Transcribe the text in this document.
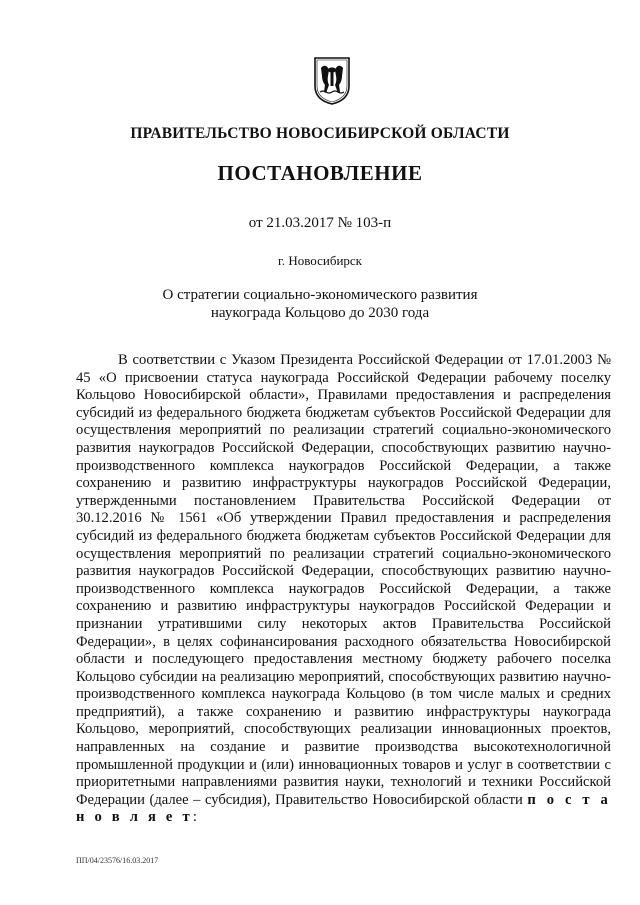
ПРАВИТЕЛЬСТВО НОВОСИБИРСКОЙ ОБЛАСТИ
ПОСТАНОВЛЕНИЕ
от 21.03.2017 № 103-п
г. Новосибирск
О стратегии социально-экономического развития
наукограда Кольцово до 2030 года

В соответствии с Указом Президента Российской Федерации от 17.01.2003 № 45 «О присвоении статуса наукограда Российской Федерации рабочему поселку Кольцово Новосибирской области», Правилами предоставления и распределения субсидий из федерального бюджета бюджетам субъектов Российской Федерации для осуществления мероприятий по реализации стратегий социально-экономического развития наукоградов Российской Федерации, способствующих развитию научно-производственного комплекса наукоградов Российской Федерации, а также сохранению и развитию инфраструктуры наукоградов Российской Федерации, утвержденными постановлением Правительства Российской Федерации от 30.12.2016 № 1561 «Об утверждении Правил предоставления и распределения субсидий из федерального бюджета бюджетам субъектов Российской Федерации для осуществления мероприятий по реализации стратегий социально-экономического развития наукоградов Российской Федерации, способствующих развитию научно-производственного комплекса наукоградов Российской Федерации, а также сохранению и развитию инфраструктуры наукоградов Российской Федерации и признании утратившими силу некоторых актов Правительства Российской Федерации», в целях софинансирования расходного обязательства Новосибирской области и последующего предоставления местному бюджету рабочего поселка Кольцово субсидии на реализацию мероприятий, способствующих развитию научно-производственного комплекса наукограда Кольцово (в том числе малых и средних предприятий), а также сохранению и развитию инфраструктуры наукограда Кольцово, мероприятий, способствующих реализации инновационных проектов, направленных на создание и развитие производства высокотехнологичной промышленной продукции и (или) инновационных товаров и услуг в соответствии с приоритетными направлениями развития науки, технологий и техники Российской Федерации (далее – субсидия), Правительство Новосибирской области п о с т а н о в л я е т:

ПП/04/23576/16.03.2017
